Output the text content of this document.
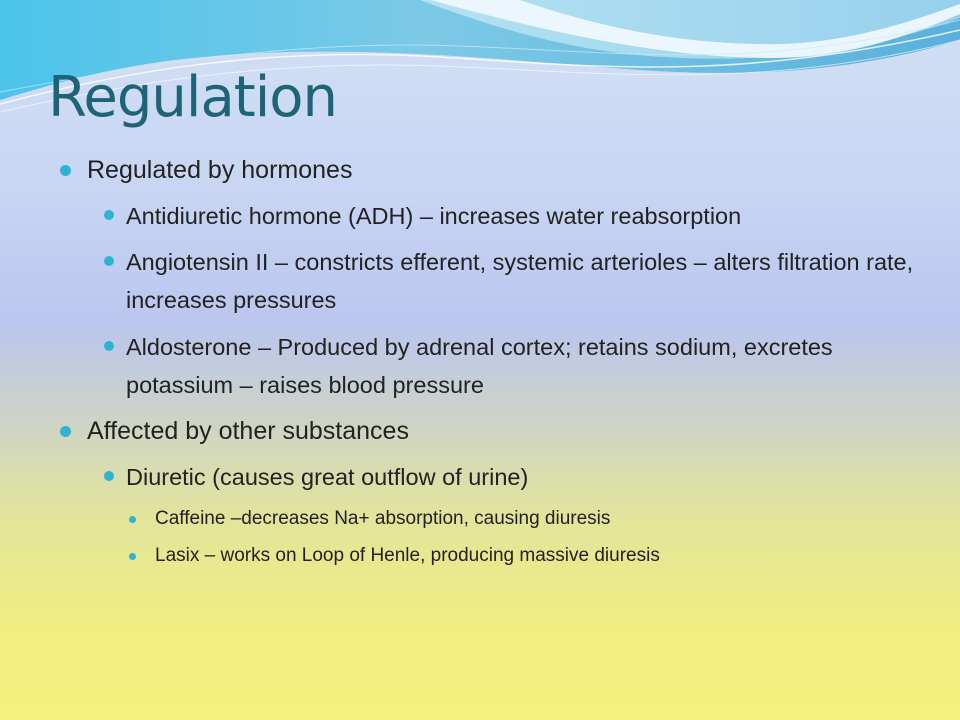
Regulation
Regulated by hormones
Antidiuretic hormone (ADH) – increases water reabsorption
Angiotensin II – constricts efferent, systemic arterioles – alters filtration rate, increases pressures
Aldosterone – Produced by adrenal cortex; retains sodium, excretes potassium – raises blood pressure
Affected by other substances
Diuretic (causes great outflow of urine)
Caffeine –decreases Na+ absorption, causing diuresis
Lasix – works on Loop of Henle, producing massive diuresis
